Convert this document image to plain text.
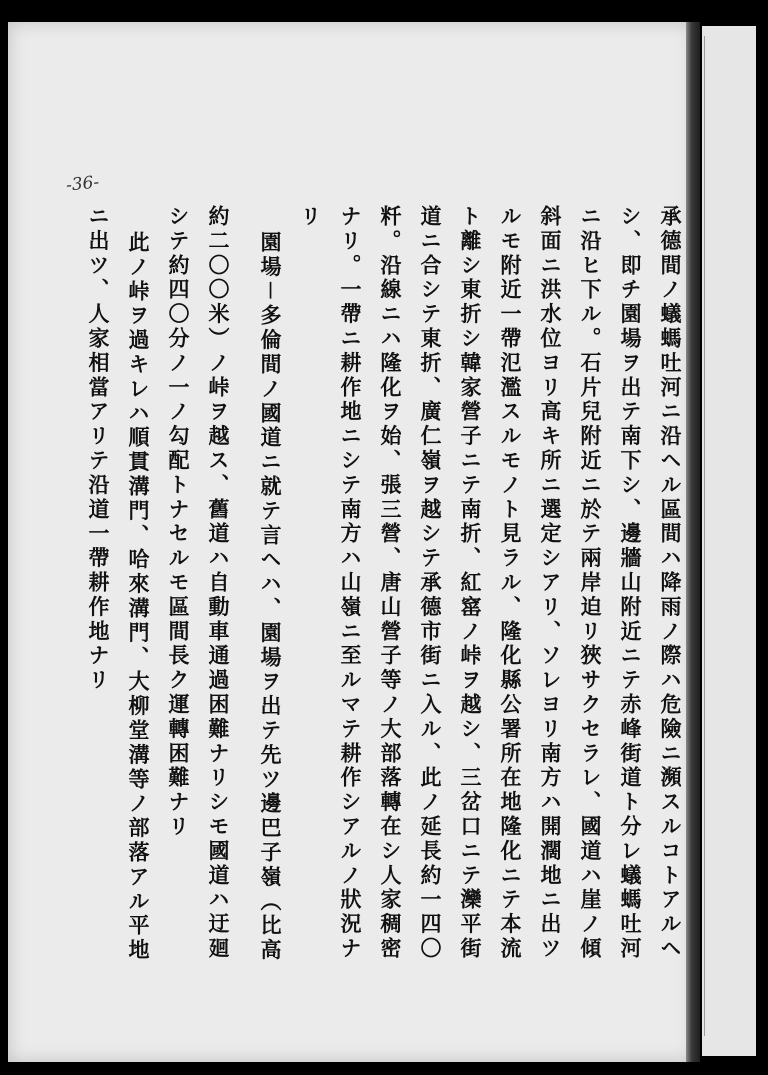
-36-
承德間ノ蟻螞吐河ニ沿ヘル區間ハ降雨ノ際ハ危險ニ瀕スルコトアルヘ
シ、即チ園場ヲ出テ南下シ、邊牆山附近ニテ赤峰街道ト分レ蟻螞吐河
ニ沿ヒ下ル。石片兒附近ニ於テ兩岸迫リ狹サクセラレ、國道ハ崖ノ傾
斜面ニ洪水位ヨリ高キ所ニ選定シアリ、ソレヨリ南方ハ開濶地ニ出ツ
ルモ附近一帶氾濫スルモノト見ラル、隆化縣公署所在地隆化ニテ本流
ト離シ東折シ韓家營子ニテ南折、紅窰ノ峠ヲ越シ、三岔口ニテ灤平街
道ニ合シテ東折、廣仁嶺ヲ越シテ承德市街ニ入ル、此ノ延長約一四〇
粁。沿線ニハ隆化ヲ始、張三營、唐山營子等ノ大部落轉在シ人家稠密
ナリ。一帶ニ耕作地ニシテ南方ハ山嶺ニ至ルマテ耕作シアルノ狀況ナ
リ
園場－多倫間ノ國道ニ就テ言ヘハ、園場ヲ出テ先ツ邊巴子嶺（比高
約二〇〇米）ノ峠ヲ越ス、舊道ハ自動車通過困難ナリシモ國道ハ迂廻
シテ約四〇分ノ一ノ勾配トナセルモ區間長ク運轉困難ナリ
此ノ峠ヲ過キレハ順貫溝門、哈來溝門、大柳堂溝等ノ部落アル平地
ニ出ツ、人家相當アリテ沿道一帶耕作地ナリ
